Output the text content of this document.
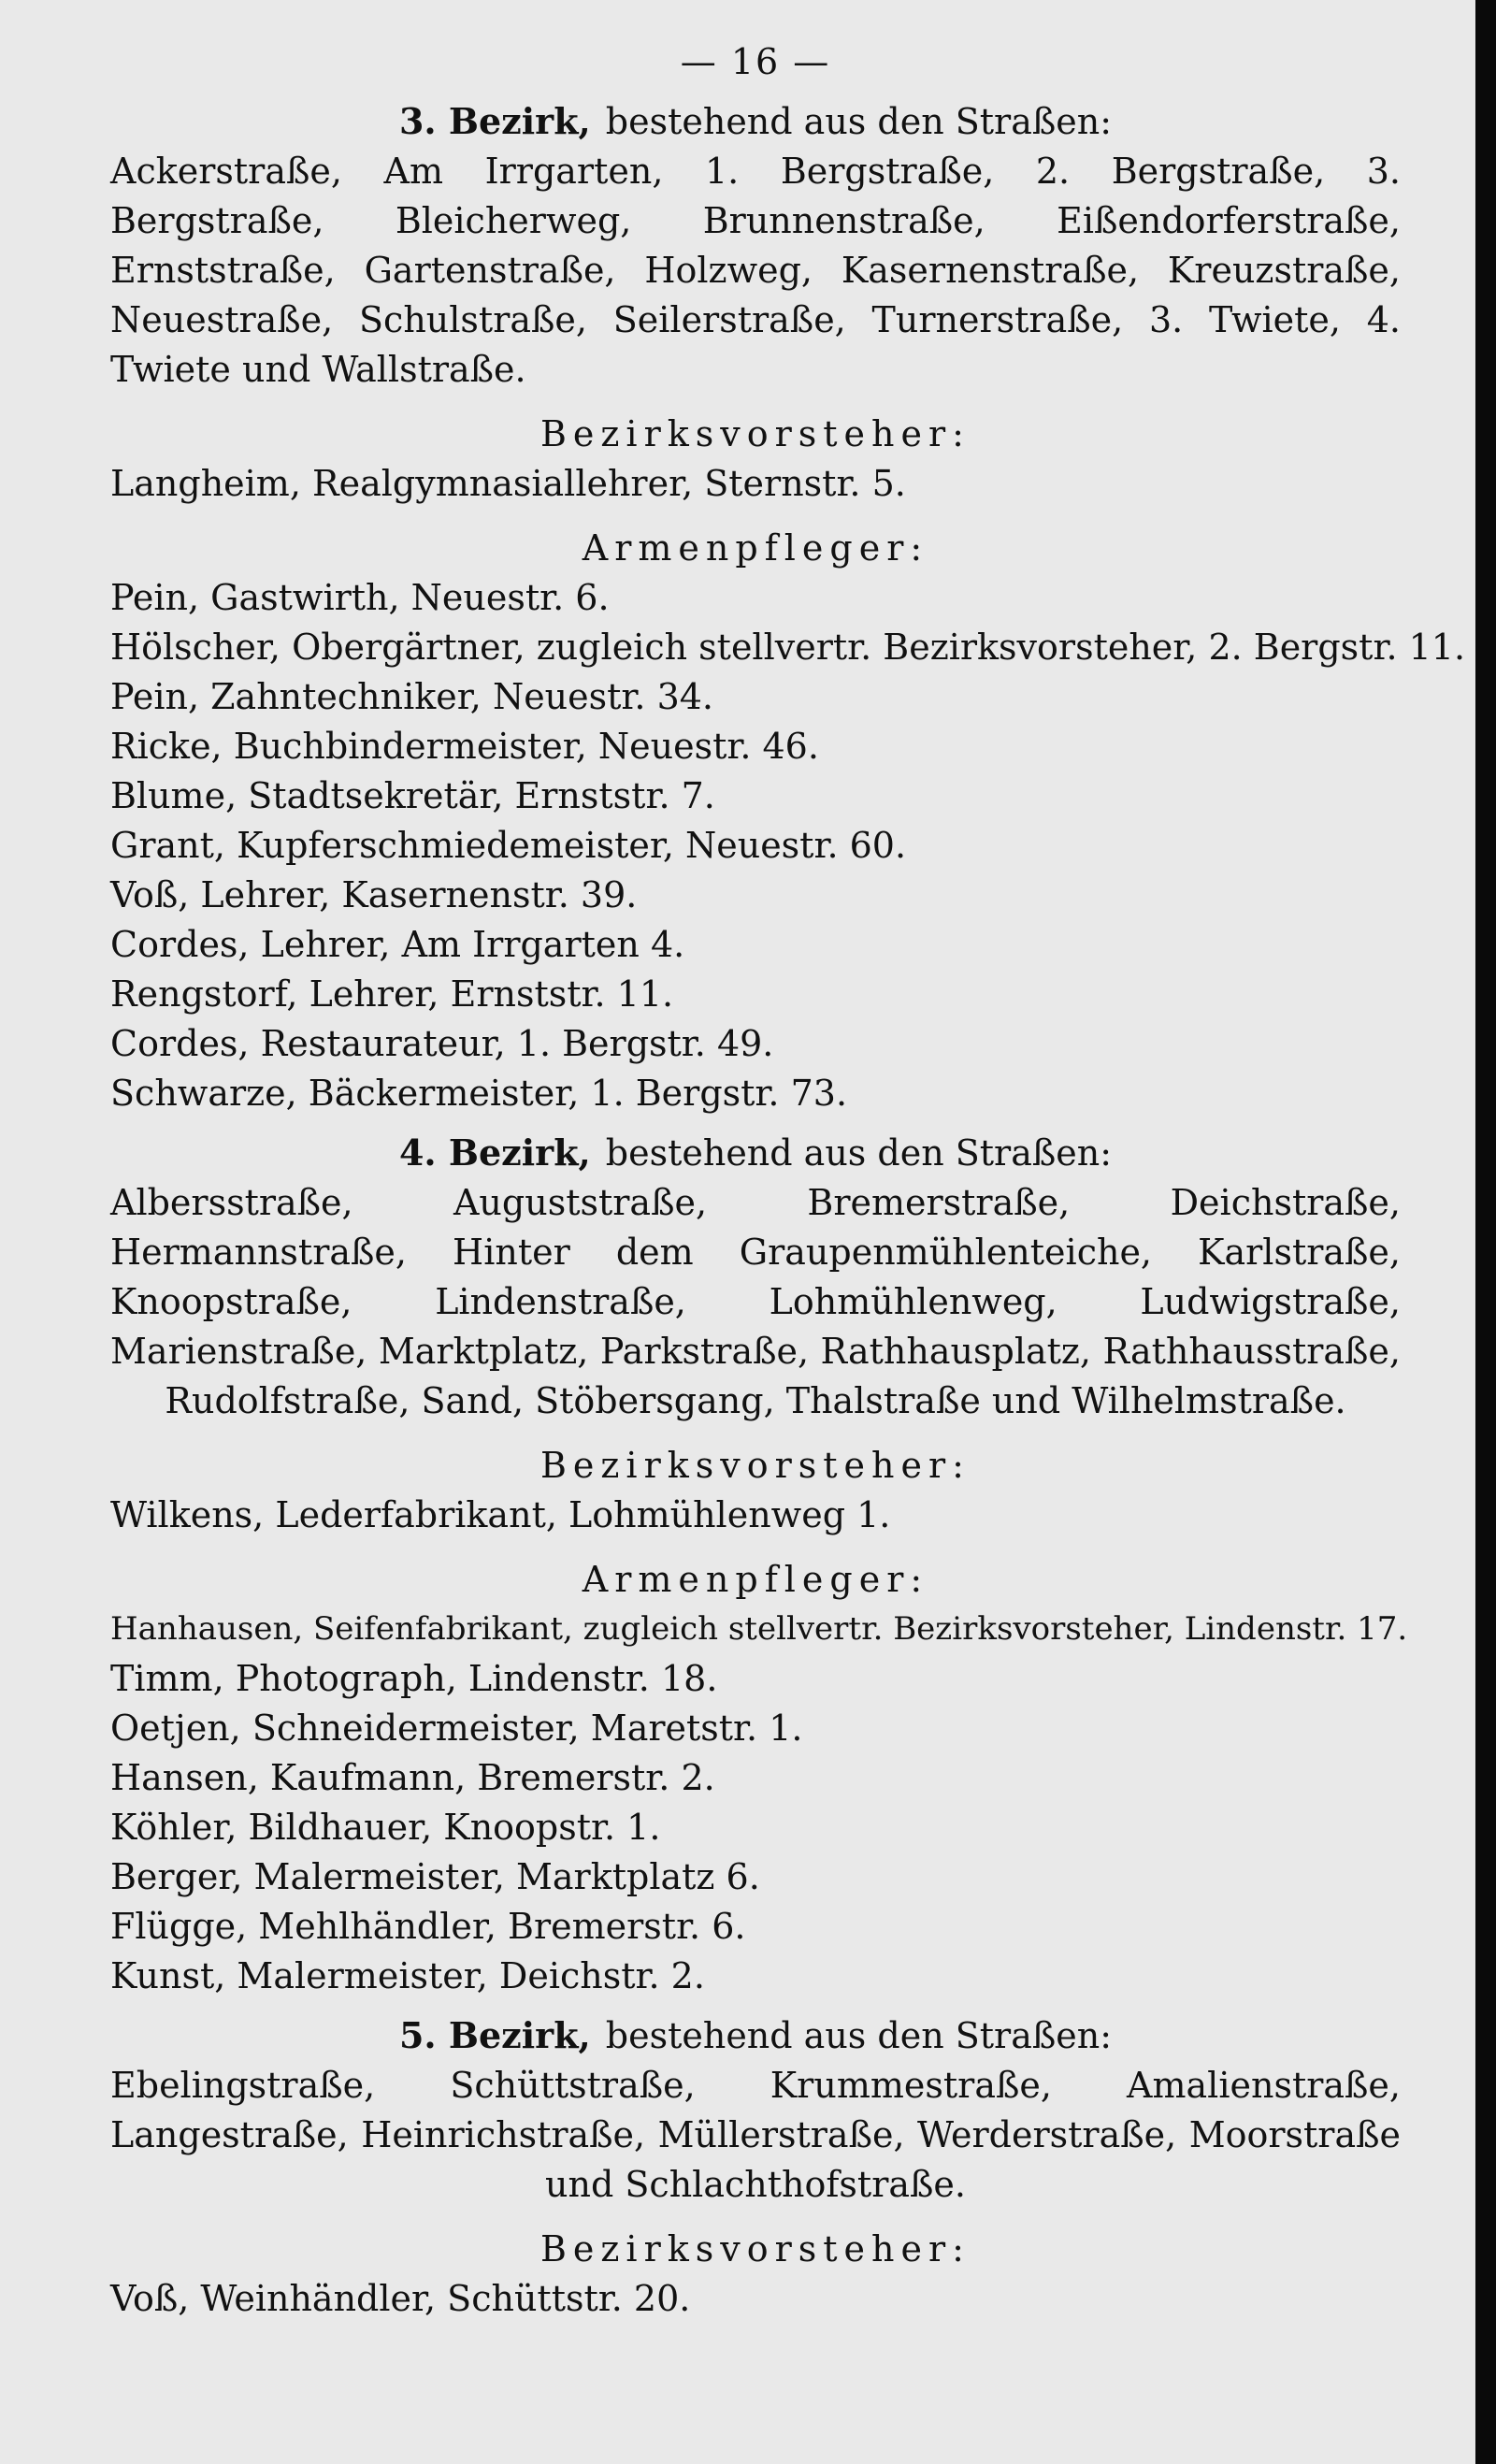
— 16 —
3. Bezirk, bestehend aus den Straßen:
Ackerstraße, Am Irrgarten, 1. Bergstraße, 2. Bergstraße, 3. Bergstraße, Bleicherweg, Brunnenstraße, Eißendorferstraße, Ernststraße, Gartenstraße, Holzweg, Kasernenstraße, Kreuzstraße, Neuestraße, Schulstraße, Seilerstraße, Turnerstraße, 3. Twiete, 4. Twiete und Wallstraße.
Bezirksvorsteher:
Langheim, Realgymnasiallehrer, Sternstr. 5.
Armenpfleger:
Pein, Gastwirth, Neuestr. 6.
Hölscher, Obergärtner, zugleich stellvertr. Bezirksvorsteher, 2. Bergstr. 11.
Pein, Zahntechniker, Neuestr. 34.
Ricke, Buchbindermeister, Neuestr. 46.
Blume, Stadtsekretär, Ernststr. 7.
Grant, Kupferschmiedemeister, Neuestr. 60.
Voß, Lehrer, Kasernenstr. 39.
Cordes, Lehrer, Am Irrgarten 4.
Rengstorf, Lehrer, Ernststr. 11.
Cordes, Restaurateur, 1. Bergstr. 49.
Schwarze, Bäckermeister, 1. Bergstr. 73.
4. Bezirk, bestehend aus den Straßen:
Albersstraße, Auguststraße, Bremerstraße, Deichstraße, Hermannstraße, Hinter dem Graupenmühlenteiche, Karlstraße, Knoopstraße, Lindenstraße, Lohmühlenweg, Ludwigstraße, Marienstraße, Marktplatz, Parkstraße, Rathhausplatz, Rathhausstraße, Rudolfstraße, Sand, Stöbersgang, Thalstraße und Wilhelmstraße.
Bezirksvorsteher:
Wilkens, Lederfabrikant, Lohmühlenweg 1.
Armenpfleger:
Hanhausen, Seifenfabrikant, zugleich stellvertr. Bezirksvorsteher, Lindenstr. 17.
Timm, Photograph, Lindenstr. 18.
Oetjen, Schneidermeister, Maretstr. 1.
Hansen, Kaufmann, Bremerstr. 2.
Köhler, Bildhauer, Knoopstr. 1.
Berger, Malermeister, Marktplatz 6.
Flügge, Mehlhändler, Bremerstr. 6.
Kunst, Malermeister, Deichstr. 2.
5. Bezirk, bestehend aus den Straßen:
Ebelingstraße, Schüttstraße, Krummestraße, Amalienstraße, Langestraße, Heinrichstraße, Müllerstraße, Werderstraße, Moorstraße und Schlachthofstraße.
Bezirksvorsteher:
Voß, Weinhändler, Schüttstr. 20.
